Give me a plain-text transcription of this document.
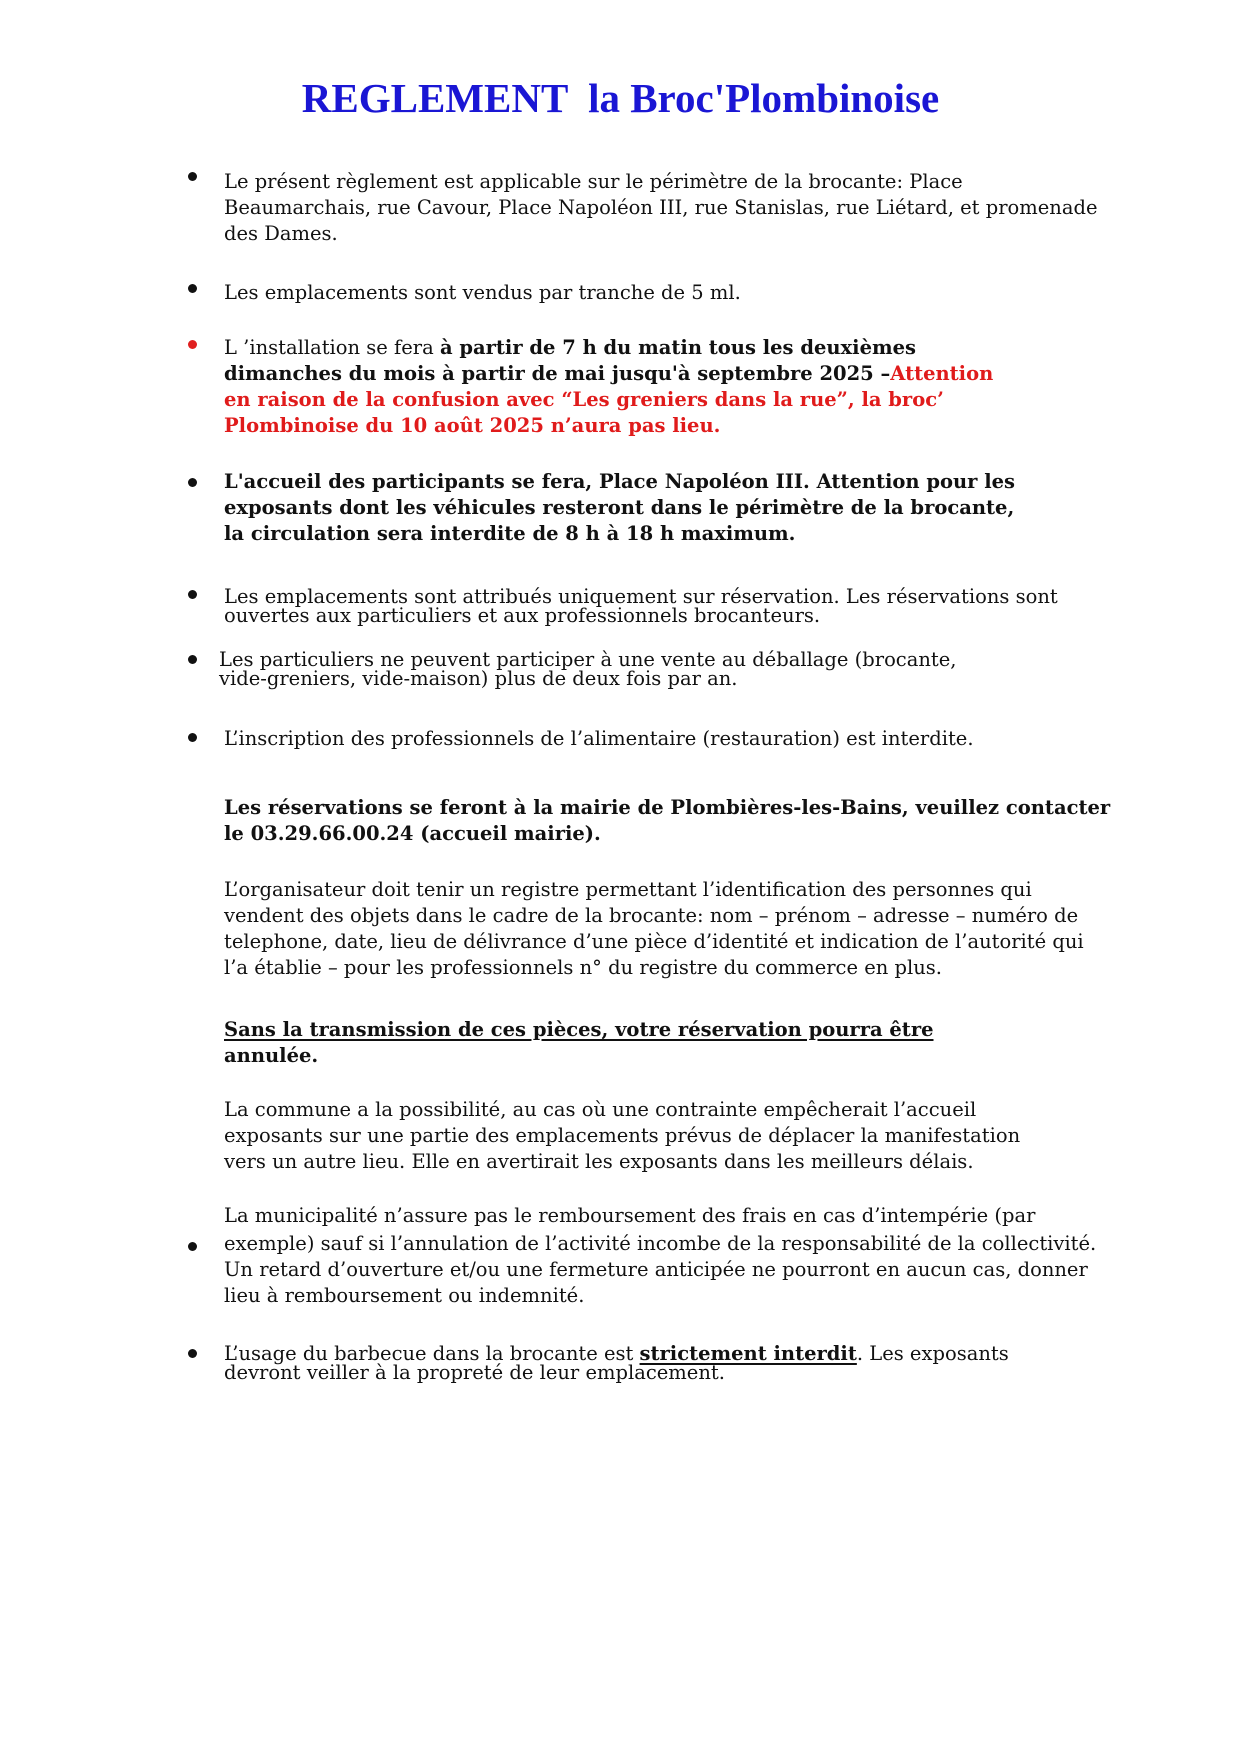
REGLEMENT  la Broc'Plombinoise

Le présent règlement est applicable sur le périmètre de la brocante: Place Beaumarchais, rue Cavour, Place Napoléon III, rue Stanislas, rue Liétard, et promenade des Dames.

Les emplacements sont vendus par tranche de 5 ml.

L ’installation se fera à partir de 7 h du matin tous les deuxièmes dimanches du mois à partir de mai jusqu'à septembre 2025 –Attention en raison de la confusion avec “Les greniers dans la rue”, la broc’ Plombinoise du 10 août 2025 n’aura pas lieu.

L'accueil des participants se fera, Place Napoléon III. Attention pour les exposants dont les véhicules resteront dans le périmètre de la brocante, la circulation sera interdite de 8 h à 18 h maximum.

Les emplacements sont attribués uniquement sur réservation. Les réservations sont ouvertes aux particuliers et aux professionnels brocanteurs.

Les particuliers ne peuvent participer à une vente au déballage (brocante, vide-greniers, vide-maison) plus de deux fois par an.

L’inscription des professionnels de l’alimentaire (restauration) est interdite.

Les réservations se feront à la mairie de Plombières-les-Bains, veuillez contacter le 03.29.66.00.24 (accueil mairie).

L’organisateur doit tenir un registre permettant l’identification des personnes qui vendent des objets dans le cadre de la brocante: nom – prénom – adresse – numéro de telephone, date, lieu de délivrance d’une pièce d’identité et indication de l’autorité qui l’a établie – pour les professionnels n° du registre du commerce en plus.

Sans la transmission de ces pièces, votre réservation pourra être
annulée.

La commune a la possibilité, au cas où une contrainte empêcherait l’accueil exposants sur une partie des emplacements prévus de déplacer la manifestation vers un autre lieu. Elle en avertirait les exposants dans les meilleurs délais.

La municipalité n’assure pas le remboursement des frais en cas d’intempérie (par

exemple) sauf si l’annulation de l’activité incombe de la responsabilité de la collectivité. Un retard d’ouverture et/ou une fermeture anticipée ne pourront en aucun cas, donner lieu à remboursement ou indemnité.

L’usage du barbecue dans la brocante est strictement interdit. Les exposants devront veiller à la propreté de leur emplacement.
